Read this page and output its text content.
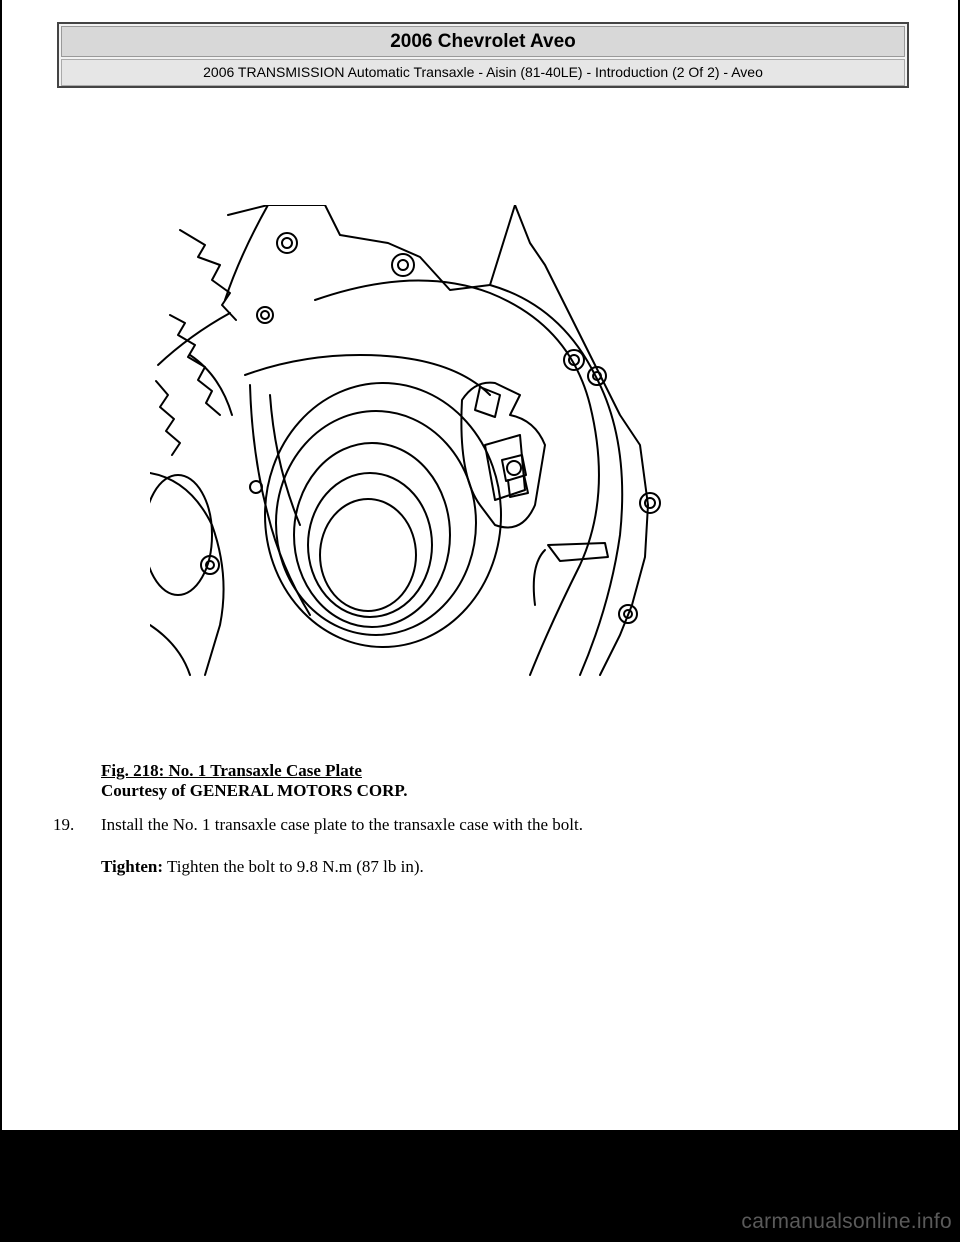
2006 Chevrolet Aveo
2006 TRANSMISSION Automatic Transaxle - Aisin (81-40LE) - Introduction (2 Of 2) - Aveo
Fig. 218: No. 1 Transaxle Case Plate
Courtesy of GENERAL MOTORS CORP.
19.	Install the No. 1 transaxle case plate to the transaxle case with the bolt.
Tighten: Tighten the bolt to 9.8 N.m (87 lb in).
carmanualsonline.info
